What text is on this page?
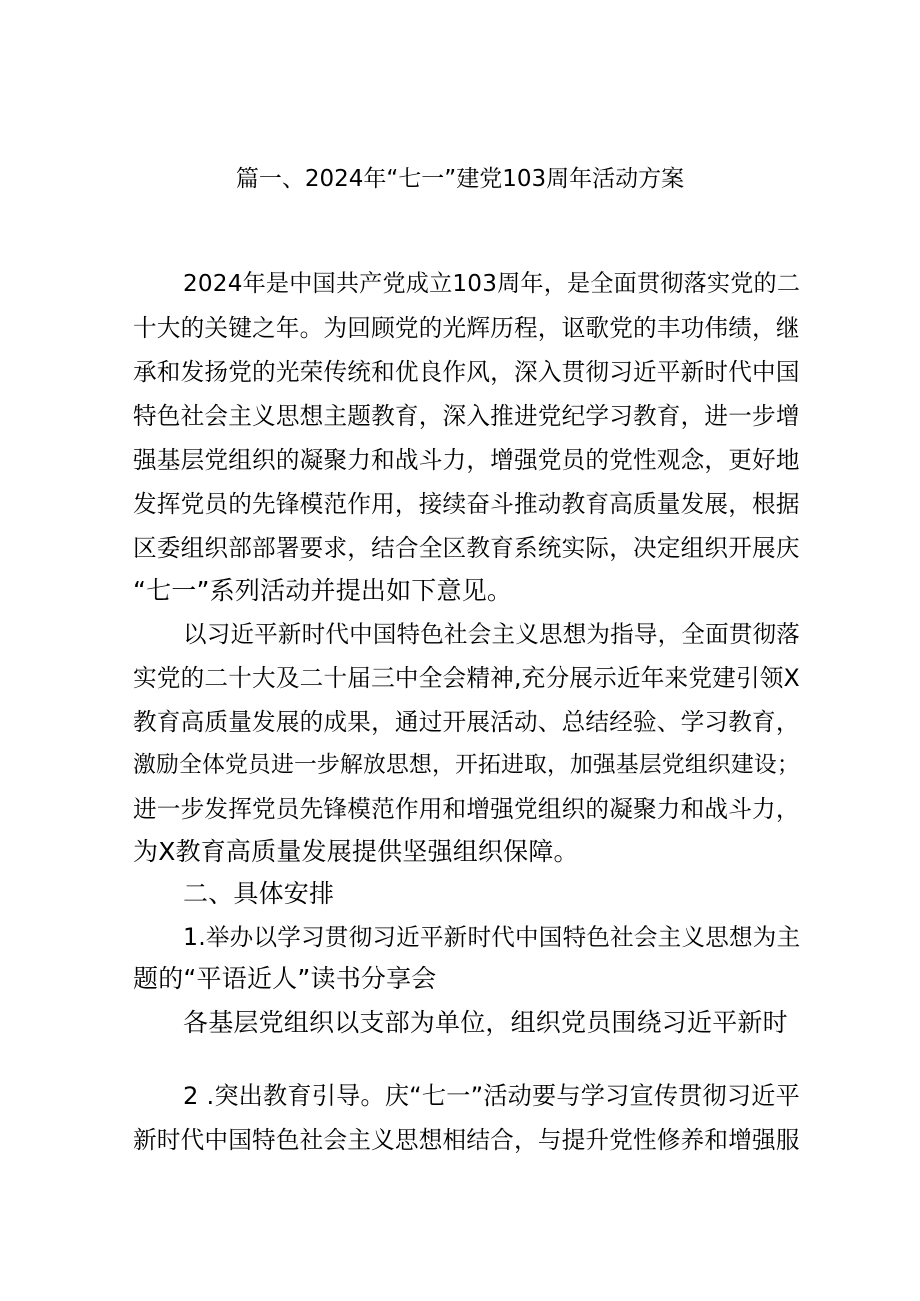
篇一、2024年“七一”建党103周年活动方案
2024年是中国共产党成立103周年，是全面贯彻落实党的二
十大的关键之年。为回顾党的光辉历程，讴歌党的丰功伟绩，继
承和发扬党的光荣传统和优良作风，深入贯彻习近平新时代中国
特色社会主义思想主题教育，深入推进党纪学习教育，进一步增
强基层党组织的凝聚力和战斗力，增强党员的党性观念，更好地
发挥党员的先锋模范作用，接续奋斗推动教育高质量发展，根据
区委组织部部署要求，结合全区教育系统实际，决定组织开展庆
“七一”系列活动并提出如下意见。
以习近平新时代中国特色社会主义思想为指导，全面贯彻落
实党的二十大及二十届三中全会精神,充分展示近年来党建引领X
教育高质量发展的成果，通过开展活动、总结经验、学习教育，
激励全体党员进一步解放思想，开拓进取，加强基层党组织建设；
进一步发挥党员先锋模范作用和增强党组织的凝聚力和战斗力，
为X教育高质量发展提供坚强组织保障。
二、具体安排
1.举办以学习贯彻习近平新时代中国特色社会主义思想为主
题的“平语近人”读书分享会
各基层党组织以支部为单位，组织党员围绕习近平新时
2 .突出教育引导。庆“七一”活动要与学习宣传贯彻习近平
新时代中国特色社会主义思想相结合，与提升党性修养和增强服
